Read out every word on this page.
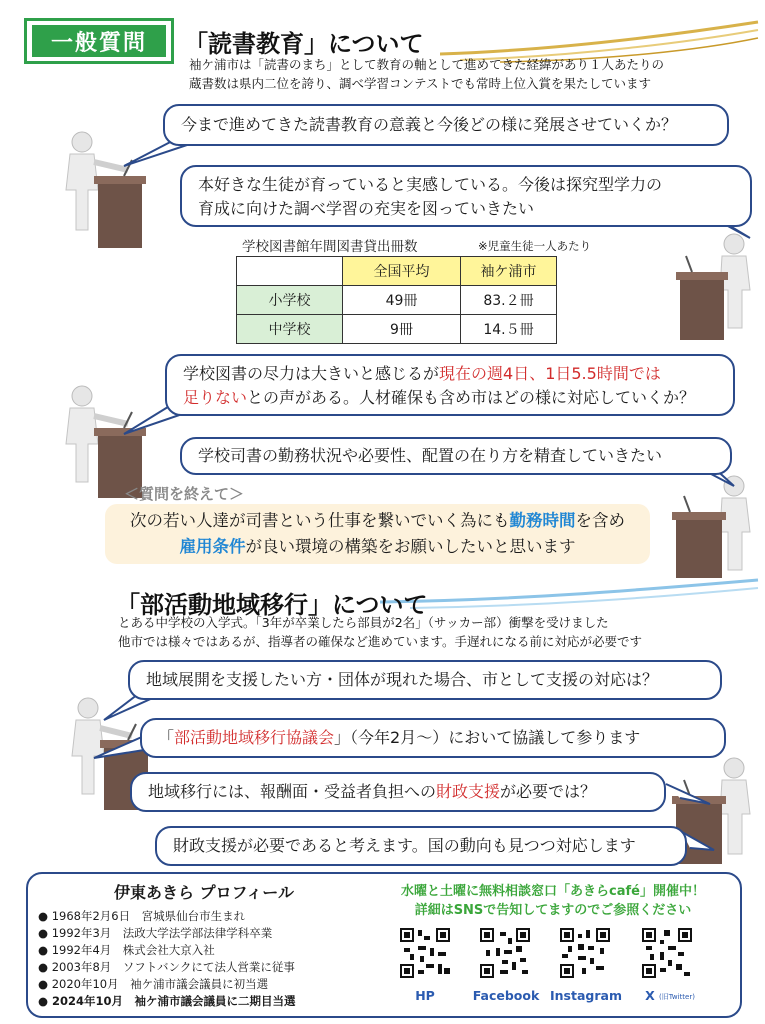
一般質問	「読書教育」について
袖ケ浦市は「読書のまち」として教育の軸として進めてきた経緯があり１人あたりの
蔵書数は県内二位を誇り、調べ学習コンテストでも常時上位入賞を果たしています
今まで進めてきた読書教育の意義と今後どの様に発展させていくか？
本好きな生徒が育っていると実感している。今後は探究型学力の
育成に向けた調べ学習の充実を図っていきたい
学校図書館年間図書貸出冊数	※児童生徒一人あたり
	全国平均	袖ケ浦市
小学校	49冊	83.２冊
中学校	9冊	14.５冊
学校図書の尽力は大きいと感じるが現在の週4日、1日5.5時間では
足りないとの声がある。人材確保も含め市はどの様に対応していくか？
学校司書の勤務状況や必要性、配置の在り方を精査していきたい
＜質問を終えて＞
次の若い人達が司書という仕事を繋いでいく為にも勤務時間を含め
雇用条件が良い環境の構築をお願いしたいと思います
「部活動地域移行」について
とある中学校の入学式。「3年が卒業したら部員が2名」（サッカー部）衝撃を受けました
他市では様々ではあるが、指導者の確保など進めています。手遅れになる前に対応が必要です
地域展開を支援したい方・団体が現れた場合、市として支援の対応は？
「 部活動地域移行協議会 」（今年2月～）において協議して参ります
地域移行には、報酬面・受益者負担への 財政支援 が必要では？
財政支援が必要であると考えます。国の動向も見つつ対応します
伊東あきら プロフィール
● 1968年2月6日　宮城県仙台市生まれ
● 1992年3月　法政大学法学部法律学科卒業
● 1992年4月　株式会社大京入社
● 2003年8月　ソフトバンクにて法人営業に従事
● 2020年10月　袖ケ浦市議会議員に初当選
● 2024年10月　袖ケ浦市議会議員に二期目当選
水曜と土曜に無料相談窓口「あきらcafé」開催中！
詳細はSNSで告知してますのでご参照ください
HP	Facebook Instagram	X (旧Twitter)
